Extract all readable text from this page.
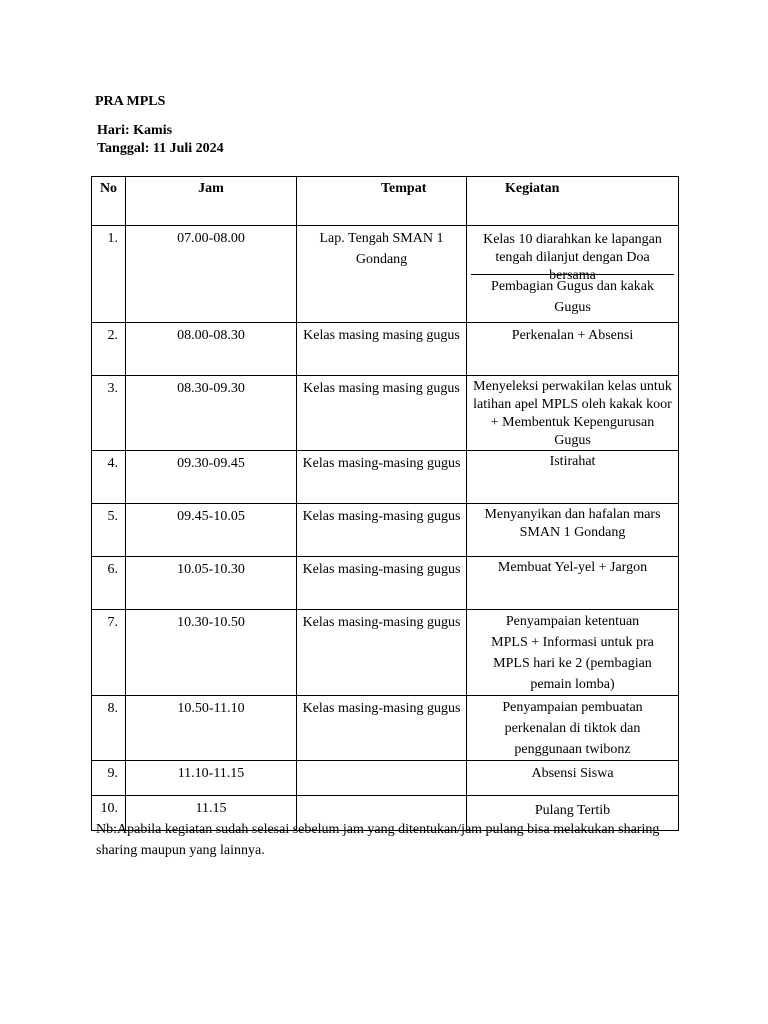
PRA MPLS
Hari: Kamis
Tanggal: 11 Juli 2024
No	Jam	Tempat	Kegiatan

1.	07.00-08.00	Lap. Tengah SMAN 1 Gondang	Kelas 10 diarahkan ke lapangan tengah dilanjut dengan Doa bersama
Pembagian Gugus dan kakak Gugus

2.	08.00-08.30	Kelas masing masing gugus	Perkenalan + Absensi

3.	08.30-09.30	Kelas masing masing gugus	Menyeleksi perwakilan kelas untuk latihan apel MPLS oleh kakak koor + Membentuk Kepengurusan Gugus

4.	09.30-09.45	Kelas masing-masing gugus	Istirahat

5.	09.45-10.05	Kelas masing-masing gugus	Menyanyikan dan hafalan mars SMAN 1 Gondang

6.	10.05-10.30	Kelas masing-masing gugus	Membuat Yel-yel + Jargon

7.	10.30-10.50	Kelas masing-masing gugus	Penyampaian ketentuan MPLS + Informasi untuk pra MPLS hari ke 2 (pembagian pemain lomba)

8.	10.50-11.10	Kelas masing-masing gugus	Penyampaian pembuatan perkenalan di tiktok dan penggunaan twibonz

9.	11.10-11.15		Absensi Siswa

10.	11.15		Pulang Tertib
Nb:Apabila kegiatan sudah selesai sebelum jam yang ditentukan/jam pulang bisa melakukan sharing sharing maupun yang lainnya.
